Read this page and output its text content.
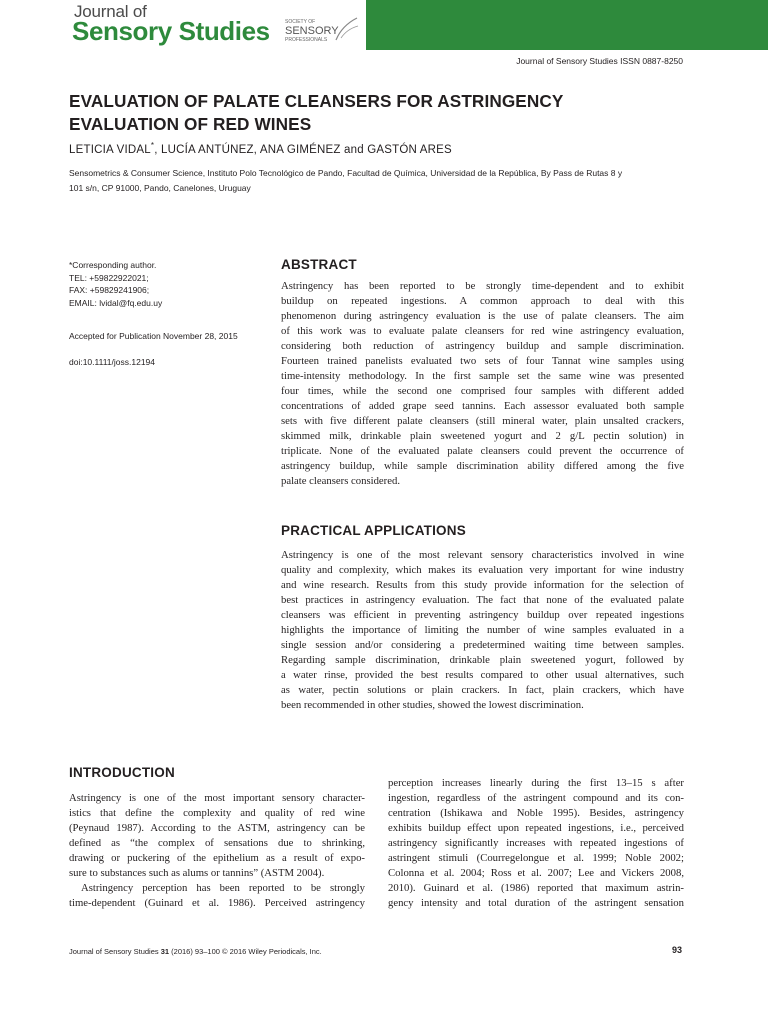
Journal of
Sensory Studies	SOCIETY OF
SENSORY
PROFESSIONALS
Journal of Sensory Studies ISSN 0887-8250
EVALUATION OF PALATE CLEANSERS FOR ASTRINGENCY
EVALUATION OF RED WINES
LETICIA VIDAL*, LUCÍA ANTÚNEZ, ANA GIMÉNEZ and GASTÓN ARES
Sensometrics & Consumer Science, Instituto Polo Tecnológico de Pando, Facultad de Química, Universidad de la República, By Pass de Rutas 8 y
101 s/n, CP 91000, Pando, Canelones, Uruguay
*Corresponding author.
TEL: +59822922021;
FAX: +59829241906;
EMAIL: lvidal@fq.edu.uy
Accepted for Publication November 28, 2015
doi:10.1111/joss.12194
ABSTRACT
Astringency has been reported to be strongly time-dependent and to exhibit
buildup on repeated ingestions. A common approach to deal with this
phenomenon during astringency evaluation is the use of palate cleansers. The aim
of this work was to evaluate palate cleansers for red wine astringency evaluation,
considering both reduction of astringency buildup and sample discrimination.
Fourteen trained panelists evaluated two sets of four Tannat wine samples using
time-intensity methodology. In the first sample set the same wine was presented
four times, while the second one comprised four samples with different added
concentrations of added grape seed tannins. Each assessor evaluated both sample
sets with five different palate cleansers (still mineral water, plain unsalted crackers,
skimmed milk, drinkable plain sweetened yogurt and 2 g/L pectin solution) in
triplicate. None of the evaluated palate cleansers could prevent the occurrence of
astringency buildup, while sample discrimination ability differed among the five
palate cleansers considered.
PRACTICAL APPLICATIONS
Astringency is one of the most relevant sensory characteristics involved in wine
quality and complexity, which makes its evaluation very important for wine industry
and wine research. Results from this study provide information for the selection of
best practices in astringency evaluation. The fact that none of the evaluated palate
cleansers was efficient in preventing astringency buildup over repeated ingestions
highlights the importance of limiting the number of wine samples evaluated in a
single session and/or considering a predetermined waiting time between samples.
Regarding sample discrimination, drinkable plain sweetened yogurt, followed by
a water rinse, provided the best results compared to other usual alternatives, such
as water, pectin solutions or plain crackers. In fact, plain crackers, which have
been recommended in other studies, showed the lowest discrimination.
INTRODUCTION
Astringency is one of the most important sensory character-
istics that define the complexity and quality of red wine
(Peynaud 1987). According to the ASTM, astringency can be
defined as “the complex of sensations due to shrinking,
drawing or puckering of the epithelium as a result of expo-
sure to substances such as alums or tannins” (ASTM 2004).
Astringency perception has been reported to be strongly
time-dependent (Guinard et al. 1986). Perceived astringency
perception increases linearly during the first 13–15 s after
ingestion, regardless of the astringent compound and its con-
centration (Ishikawa and Noble 1995). Besides, astringency
exhibits buildup effect upon repeated ingestions, i.e., perceived
astringency significantly increases with repeated ingestions of
astringent stimuli (Courregelongue et al. 1999; Noble 2002;
Colonna et al. 2004; Ross et al. 2007; Lee and Vickers 2008,
2010). Guinard et al. (1986) reported that maximum astrin-
gency intensity and total duration of the astringent sensation
Journal of Sensory Studies 31 (2016) 93–100 © 2016 Wiley Periodicals, Inc.	93
